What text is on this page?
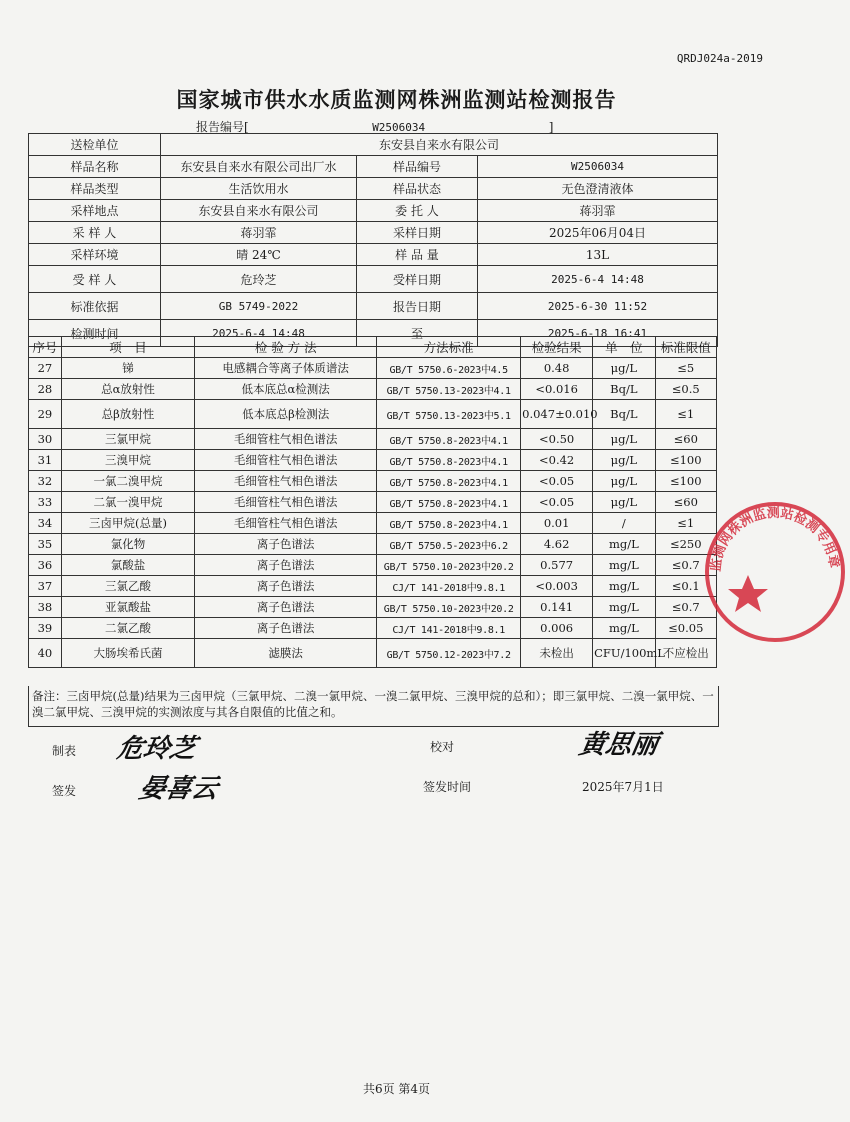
QRDJ024a-2019
国家城市供水水质监测网株洲监测站检测报告
报告编号[	W2506034	]
送检单位	东安县自来水有限公司		
样品名称	东安县自来水有限公司出厂水	样品编号	W2506034
样品类型	生活饮用水	样品状态	无色澄清液体
采样地点	东安县自来水有限公司	委 托 人	蒋羽霏
采 样 人	蒋羽霏	采样日期	2025年06月04日
采样环境	晴 24℃	样 品 量	13L
受 样 人	危玲芝	受样日期	2025-6-4 14:48
标准依据	GB 5749-2022	报告日期	2025-6-30 11:52
检测时间	2025-6-4 14:48	至	2025-6-18 16:41
序号	项　目	检 验 方 法	方法标准	检验结果	单　位	标准限值
27	锑	电感耦合等离子体质谱法	GB/T 5750.6-2023中4.5	0.48	μg/L	≤5
28	总α放射性	低本底总α检测法	GB/T 5750.13-2023中4.1	<0.016	Bq/L	≤0.5
29	总β放射性	低本底总β检测法	GB/T 5750.13-2023中5.1	0.047±0.010	Bq/L	≤1
30	三氯甲烷	毛细管柱气相色谱法	GB/T 5750.8-2023中4.1	<0.50	μg/L	≤60
31	三溴甲烷	毛细管柱气相色谱法	GB/T 5750.8-2023中4.1	<0.42	μg/L	≤100
32	一氯二溴甲烷	毛细管柱气相色谱法	GB/T 5750.8-2023中4.1	<0.05	μg/L	≤100
33	二氯一溴甲烷	毛细管柱气相色谱法	GB/T 5750.8-2023中4.1	<0.05	μg/L	≤60
34	三卤甲烷(总量)	毛细管柱气相色谱法	GB/T 5750.8-2023中4.1	0.01	/	≤1
35	氯化物	离子色谱法	GB/T 5750.5-2023中6.2	4.62	mg/L	≤250
36	氯酸盐	离子色谱法	GB/T 5750.10-2023中20.2	0.577	mg/L	≤0.7
37	三氯乙酸	离子色谱法	CJ/T 141-2018中9.8.1	<0.003	mg/L	≤0.1
38	亚氯酸盐	离子色谱法	GB/T 5750.10-2023中20.2	0.141	mg/L	≤0.7
39	二氯乙酸	离子色谱法	CJ/T 141-2018中9.8.1	0.006	mg/L	≤0.05
40	大肠埃希氏菌	滤膜法	GB/T 5750.12-2023中7.2	未检出	CFU/100mL	不应检出
备注：三卤甲烷(总量)结果为三卤甲烷（三氯甲烷、二溴一氯甲烷、一溴二氯甲烷、三溴甲烷的总和）；即三氯甲烷、二溴一氯甲烷、一溴二氯甲烷、三溴甲烷的实测浓度与其各自限值的比值之和。
制表 危玲芝	校对	黄思丽
签发 晏喜云	签发时间	2025年7月1日
监测网株洲监测站检测专用章
共6页 第4页
